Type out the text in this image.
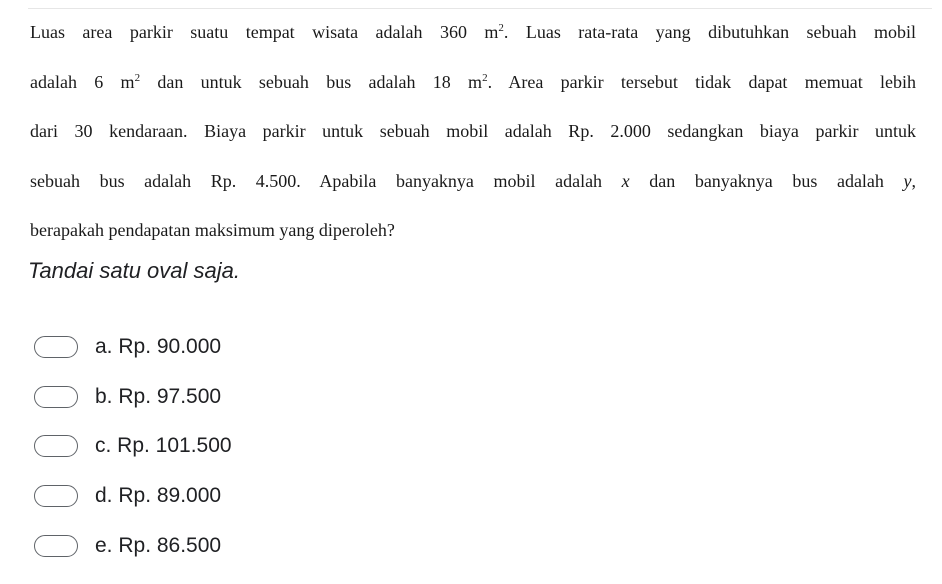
Luas area parkir suatu tempat wisata adalah 360 $m^2$. Luas rata-rata yang dibutuhkan sebuah mobil
adalah 6 $m^2$ dan untuk sebuah bus adalah 18 $m^2$. Area parkir tersebut tidak dapat memuat lebih
dari 30 kendaraan. Biaya parkir untuk sebuah mobil adalah Rp. 2.000 sedangkan biaya parkir untuk
sebuah bus adalah Rp. 4.500. Apabila banyaknya mobil adalah x dan banyaknya bus adalah y,
berapakah pendapatan maksimum yang diperoleh?
Tandai satu oval saja.
a. Rp. 90.000
b. Rp. 97.500
c. Rp. 101.500
d. Rp. 89.000
e. Rp. 86.500
